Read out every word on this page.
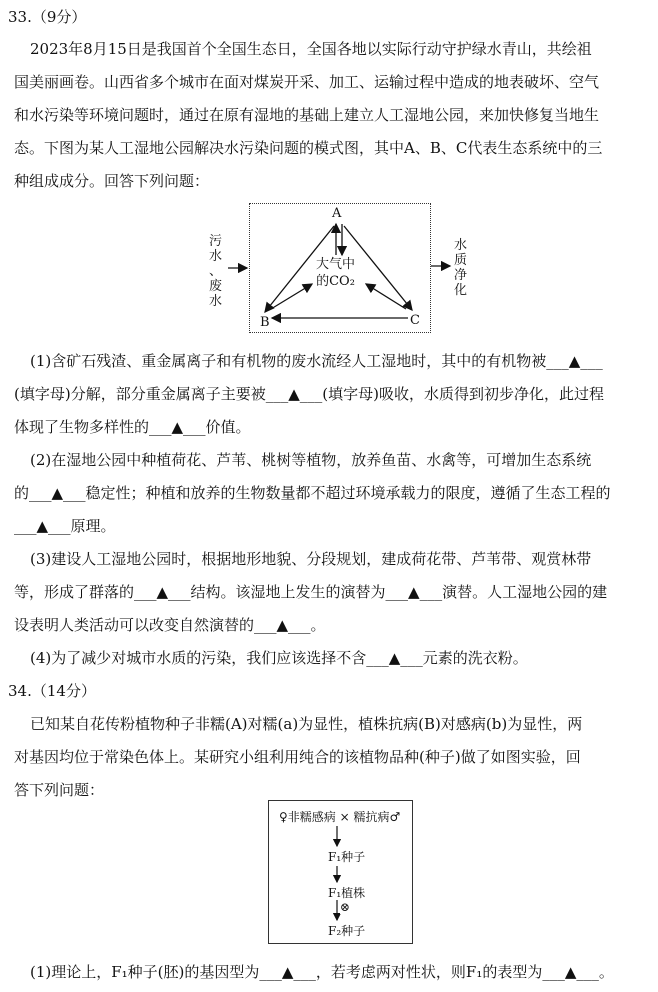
33.（9分）
2023年8月15日是我国首个全国生态日，全国各地以实际行动守护绿水青山，共绘祖
国美丽画卷。山西省多个城市在面对煤炭开采、加工、运输过程中造成的地表破坏、空气
和水污染等环境问题时，通过在原有湿地的基础上建立人工湿地公园，来加快修复当地生
态。下图为某人工湿地公园解决水污染问题的模式图，其中A、B、C代表生态系统中的三
种组成成分。回答下列问题：
A
B	C
大气中
的CO₂
污
水
、
废
水
水
质
净
化
(1)含矿石残渣、重金属离子和有机物的废水流经人工湿地时，其中的有机物被___▲___
(填字母)分解，部分重金属离子主要被___▲___(填字母)吸收，水质得到初步净化，此过程
体现了生物多样性的___▲___价值。
(2)在湿地公园中种植荷花、芦苇、桃树等植物，放养鱼苗、水禽等，可增加生态系统
的___▲___稳定性；种植和放养的生物数量都不超过环境承载力的限度，遵循了生态工程的
___▲___原理。
(3)建设人工湿地公园时，根据地形地貌、分段规划，建成荷花带、芦苇带、观赏林带
等，形成了群落的___▲___结构。该湿地上发生的演替为___▲___演替。人工湿地公园的建
设表明人类活动可以改变自然演替的___▲___。
(4)为了减少对城市水质的污染，我们应该选择不含___▲___元素的洗衣粉。
34.（14分）
已知某自花传粉植物种子非糯(A)对糯(a)为显性，植株抗病(B)对感病(b)为显性，两
对基因均位于常染色体上。某研究小组利用纯合的该植物品种(种子)做了如图实验，回
答下列问题：
♀非糯感病 × 糯抗病♂
F₁种子
F₁植株
⊗
F₂种子
(1)理论上，F₁种子(胚)的基因型为___▲___，若考虑两对性状，则F₁的表型为___▲___。
